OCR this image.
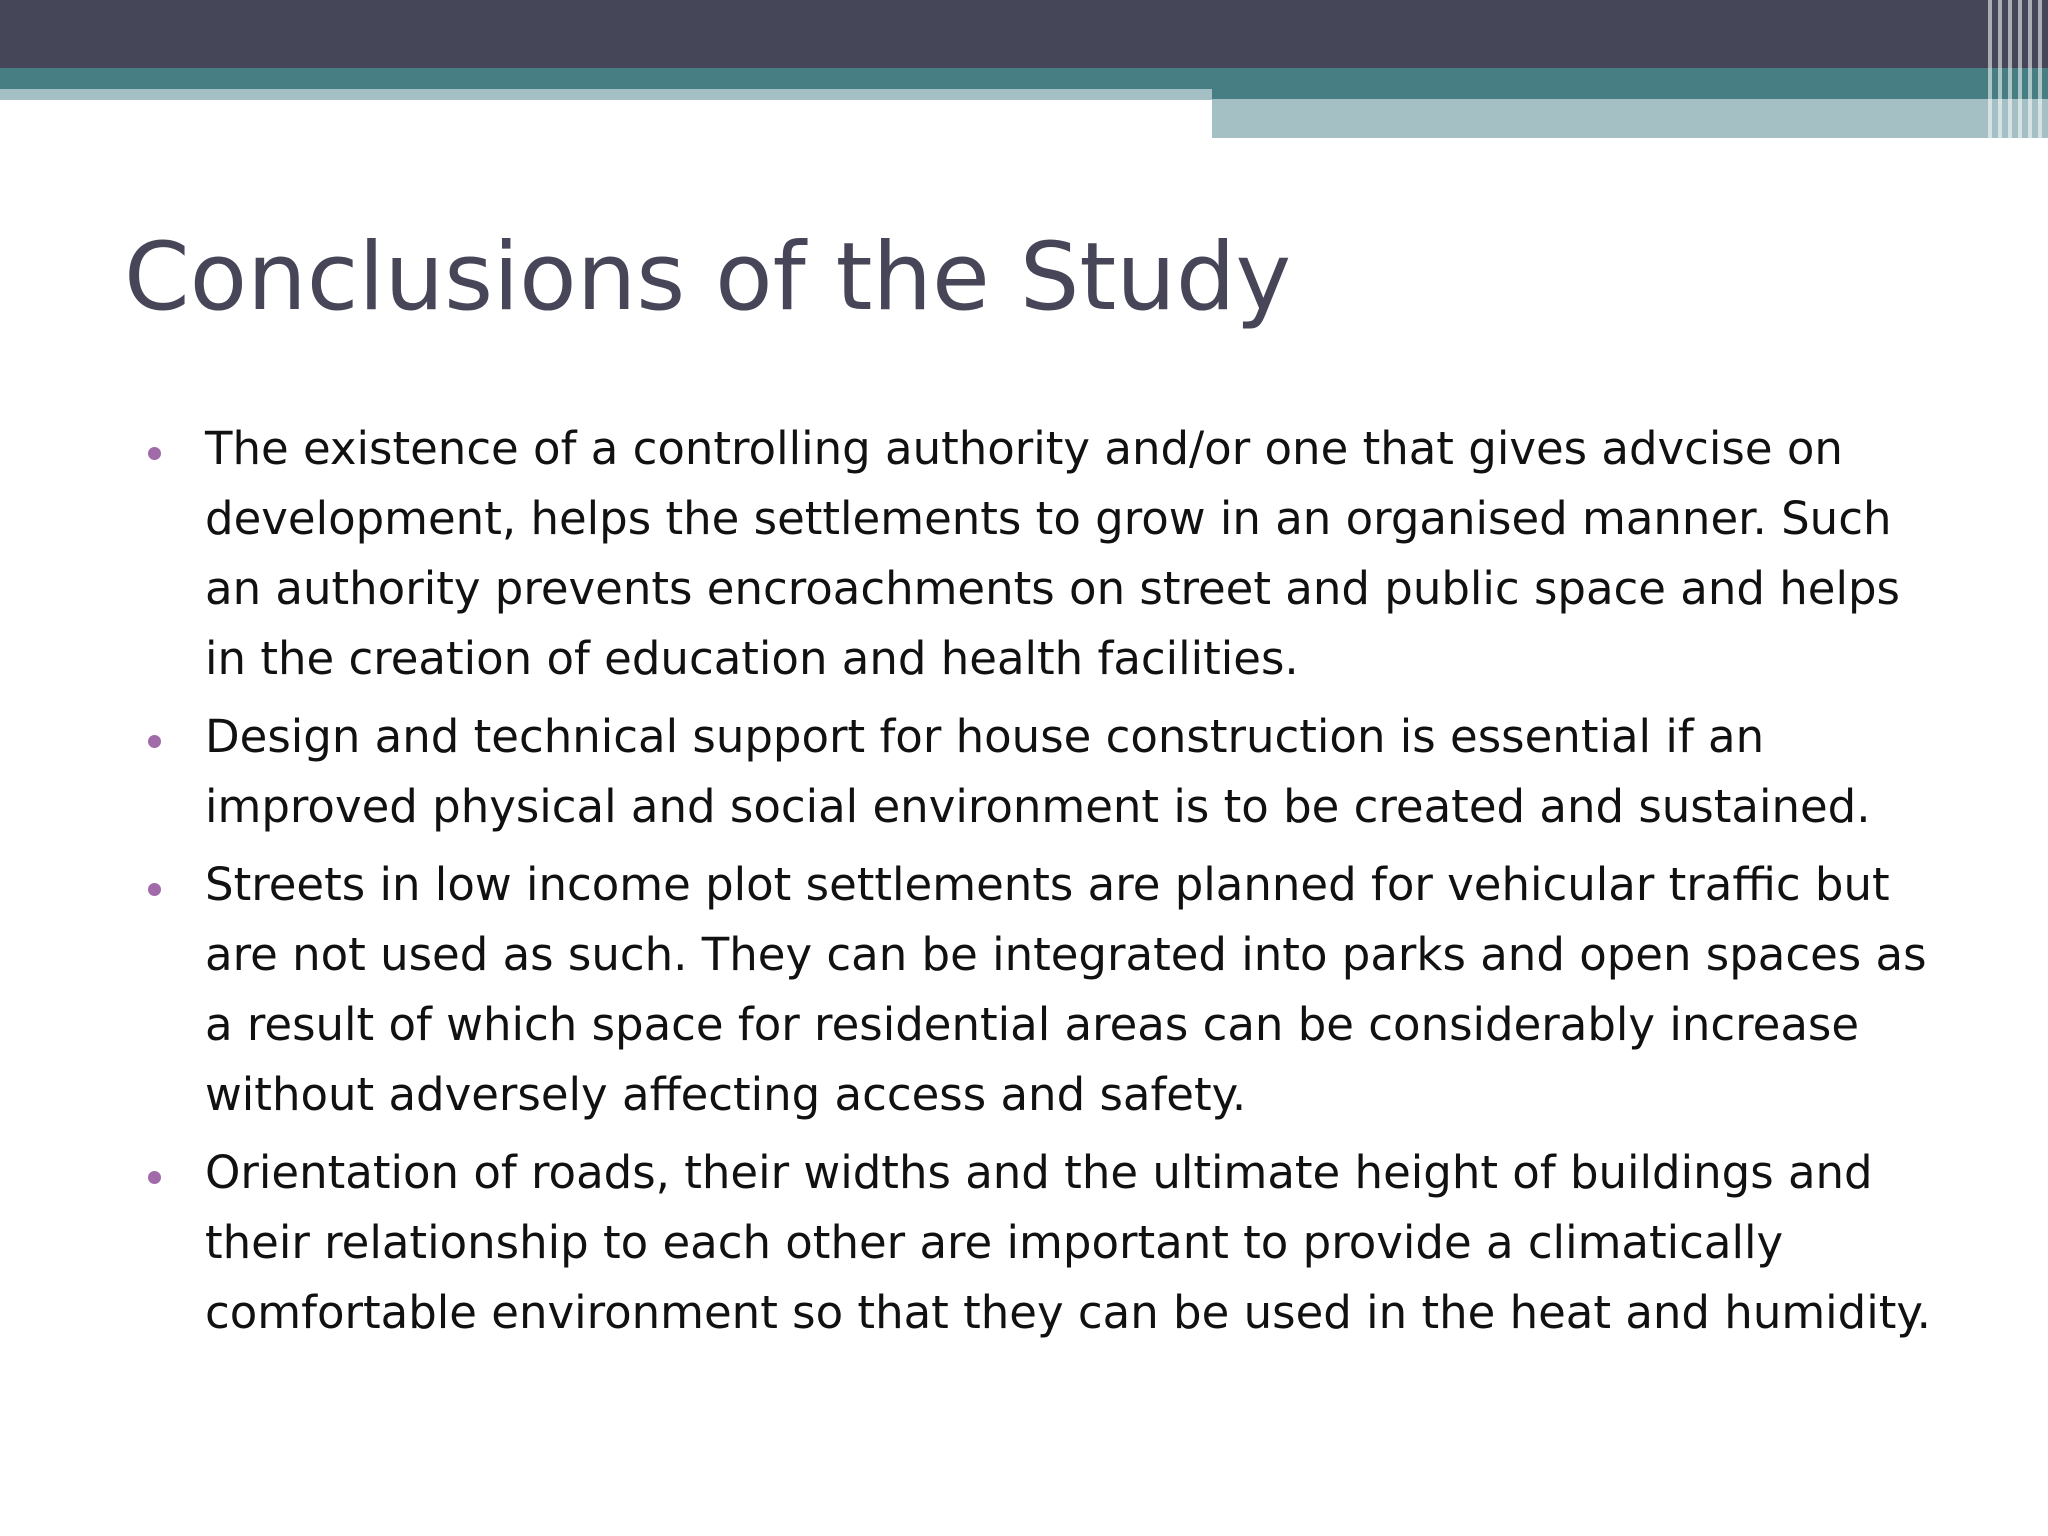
Conclusions of the Study
The existence of a controlling authority and/or one that gives advcise on development, helps the settlements to grow in an organised manner. Such an authority prevents encroachments on street and public space and helps in the creation of education and health facilities.
Design and technical support for house construction is essential if an improved physical and social environment is to be created and sustained.
Streets in low income plot settlements are planned for vehicular traffic but are not used as such. They can be integrated into parks and open spaces as a result of which space for residential areas can be considerably increase without adversely affecting access and safety.
Orientation of roads, their widths and the ultimate height of buildings and their relationship to each other are important to provide a climatically comfortable environment so that they can be used in the heat and humidity.
